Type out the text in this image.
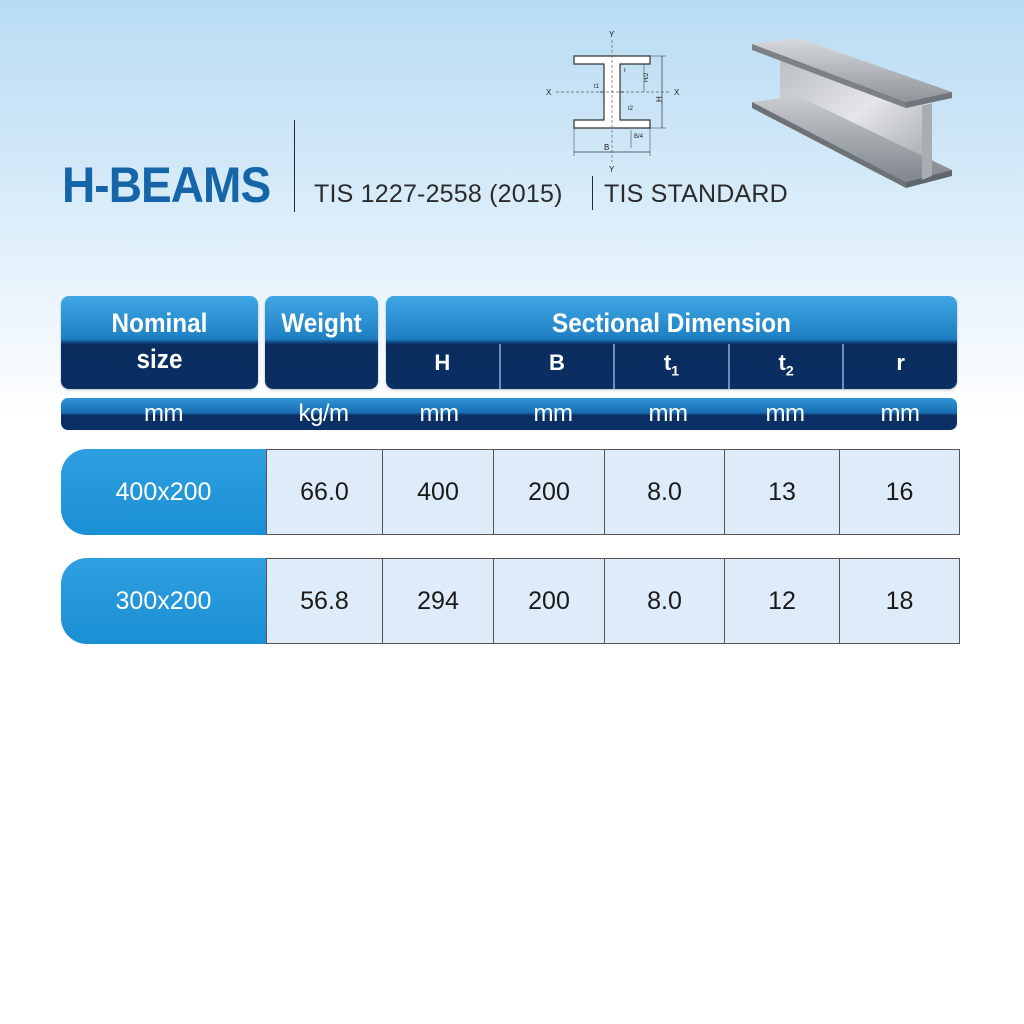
H-BEAMS TIS 1227-2558 (2015) TIS STANDARD
Y
Y
X	X
H
H/2
B
B/4
t1
t2
r
Nominal
size
Weight	Sectional Dimension
H	B	$t_1$	$t_2$	r
mm	kg/m	mm	mm	mm	mm	mm
400x200	66.0	400	200	8.0	13	16
300x200	56.8	294	200	8.0	12	18
